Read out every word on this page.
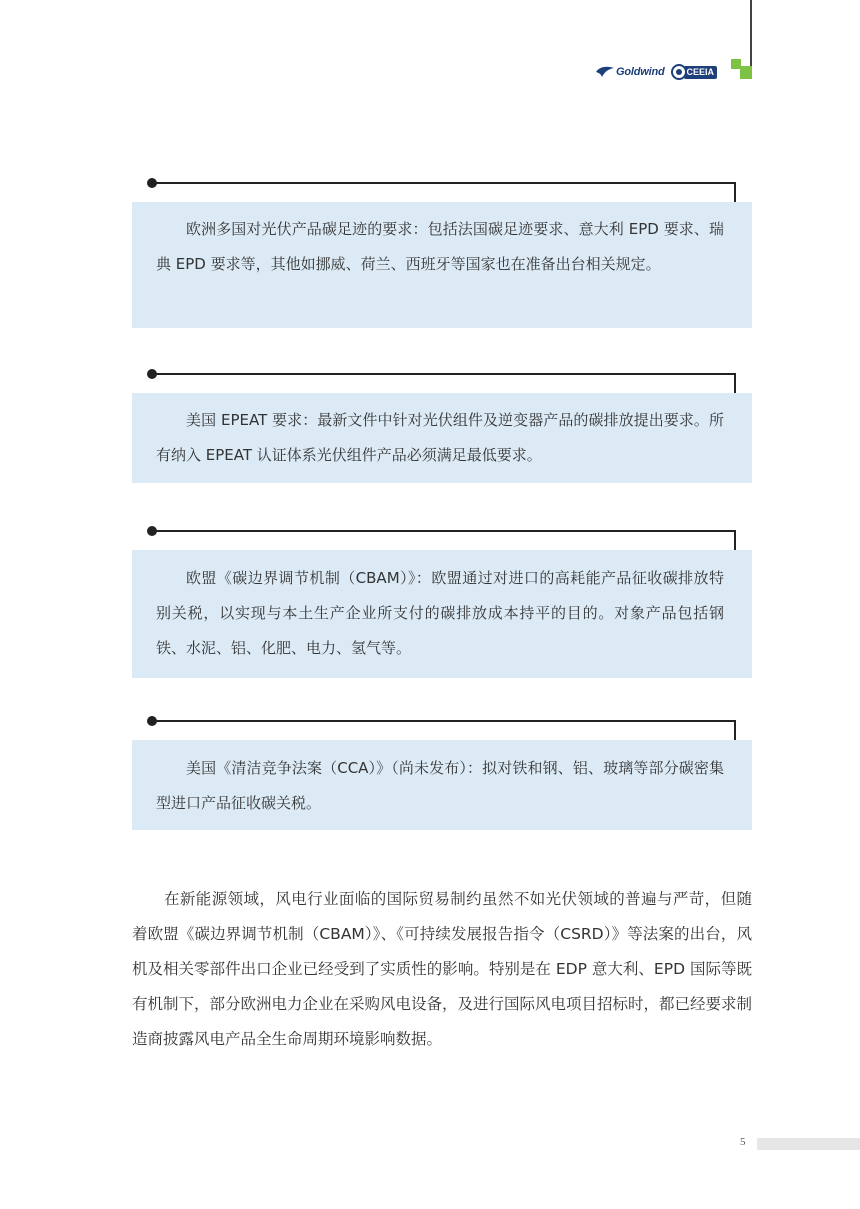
Goldwind	CEEIA

欧洲多国对光伏产品碳足迹的要求：包括法国碳足迹要求、意大利 EPD 要求、瑞典 EPD 要求等，其他如挪威、荷兰、西班牙等国家也在准备出台相关规定。

美国 EPEAT 要求：最新文件中针对光伏组件及逆变器产品的碳排放提出要求。所有纳入 EPEAT 认证体系光伏组件产品必须满足最低要求。

欧盟《碳边界调节机制（CBAM）》：欧盟通过对进口的高耗能产品征收碳排放特别关税，以实现与本土生产企业所支付的碳排放成本持平的目的。对象产品包括钢铁、水泥、铝、化肥、电力、氢气等。

美国《清洁竞争法案（CCA）》（尚未发布）：拟对铁和钢、铝、玻璃等部分碳密集型进口产品征收碳关税。

在新能源领域，风电行业面临的国际贸易制约虽然不如光伏领域的普遍与严苛，但随着欧盟《碳边界调节机制（CBAM）》、《可持续发展报告指令（CSRD）》等法案的出台，风机及相关零部件出口企业已经受到了实质性的影响。特别是在 EDP 意大利、EPD 国际等既有机制下，部分欧洲电力企业在采购风电设备，及进行国际风电项目招标时，都已经要求制造商披露风电产品全生命周期环境影响数据。

5
